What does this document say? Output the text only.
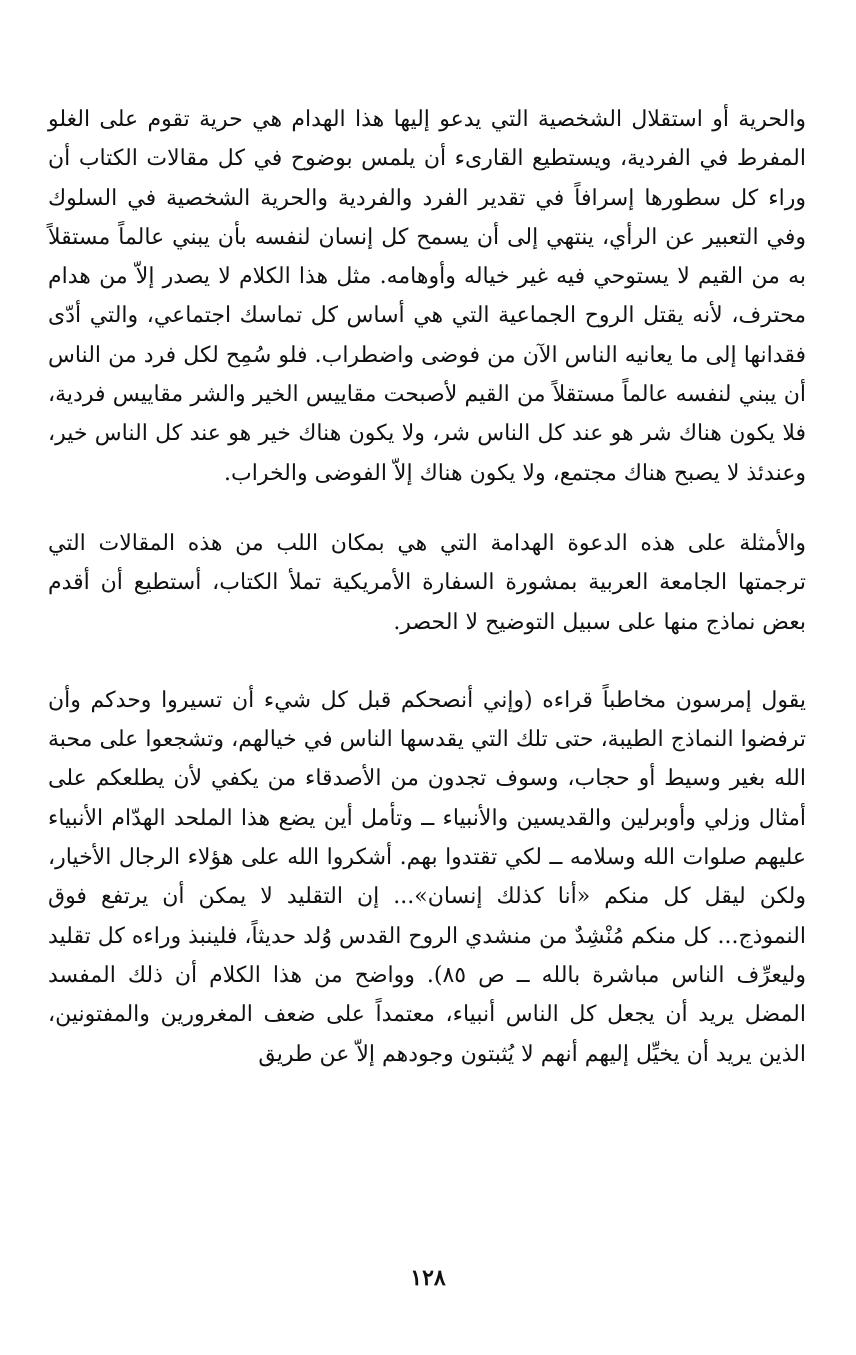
والحرية أو استقلال الشخصية التي يدعو إليها هذا الهدام هي حرية تقوم على الغلو المفرط في الفردية، ويستطيع القارىء أن يلمس بوضوح في كل مقالات الكتاب أن وراء كل سطورها إسرافاً في تقدير الفرد والفردية والحرية الشخصية في السلوك وفي التعبير عن الرأي، ينتهي إلى أن يسمح كل إنسان لنفسه بأن يبني عالماً مستقلاً به من القيم لا يستوحي فيه غير خياله وأوهامه. مثل هذا الكلام لا يصدر إلاّ من هدام محترف، لأنه يقتل الروح الجماعية التي هي أساس كل تماسك اجتماعي، والتي أدّى فقدانها إلى ما يعانيه الناس الآن من فوضى واضطراب. فلو سُمِح لكل فرد من الناس أن يبني لنفسه عالماً مستقلاً من القيم لأصبحت مقاييس الخير والشر مقاييس فردية، فلا يكون هناك شر هو عند كل الناس شر، ولا يكون هناك خير هو عند كل الناس خير، وعندئذ لا يصبح هناك مجتمع، ولا يكون هناك إلاّ الفوضى والخراب.

والأمثلة على هذه الدعوة الهدامة التي هي بمكان اللب من هذه المقالات التي ترجمتها الجامعة العربية بمشورة السفارة الأمريكية تملأ الكتاب، أستطيع أن أقدم بعض نماذج منها على سبيل التوضيح لا الحصر.

يقول إمرسون مخاطباً قراءه (وإني أنصحكم قبل كل شيء أن تسيروا وحدكم وأن ترفضوا النماذج الطيبة، حتى تلك التي يقدسها الناس في خيالهم، وتشجعوا على محبة الله بغير وسيط أو حجاب، وسوف تجدون من الأصدقاء من يكفي لأن يطلعكم على أمثال وزلي وأوبرلين والقديسين والأنبياء ــ وتأمل أين يضع هذا الملحد الهدّام الأنبياء عليهم صلوات الله وسلامه ــ لكي تقتدوا بهم. أشكروا الله على هؤلاء الرجال الأخيار، ولكن ليقل كل منكم «أنا كذلك إنسان»... إن التقليد لا يمكن أن يرتفع فوق النموذج... كل منكم مُنْشِدٌ من منشدي الروح القدس وُلد حديثاً، فلينبذ وراءه كل تقليد وليعرِّف الناس مباشرة بالله ــ ص ٨٥). وواضح من هذا الكلام أن ذلك المفسد المضل يريد أن يجعل كل الناس أنبياء، معتمداً على ضعف المغرورين والمفتونين، الذين يريد أن يخيِّل إليهم أنهم لا يُثبتون وجودهم إلاّ عن طريق

١٢٨
